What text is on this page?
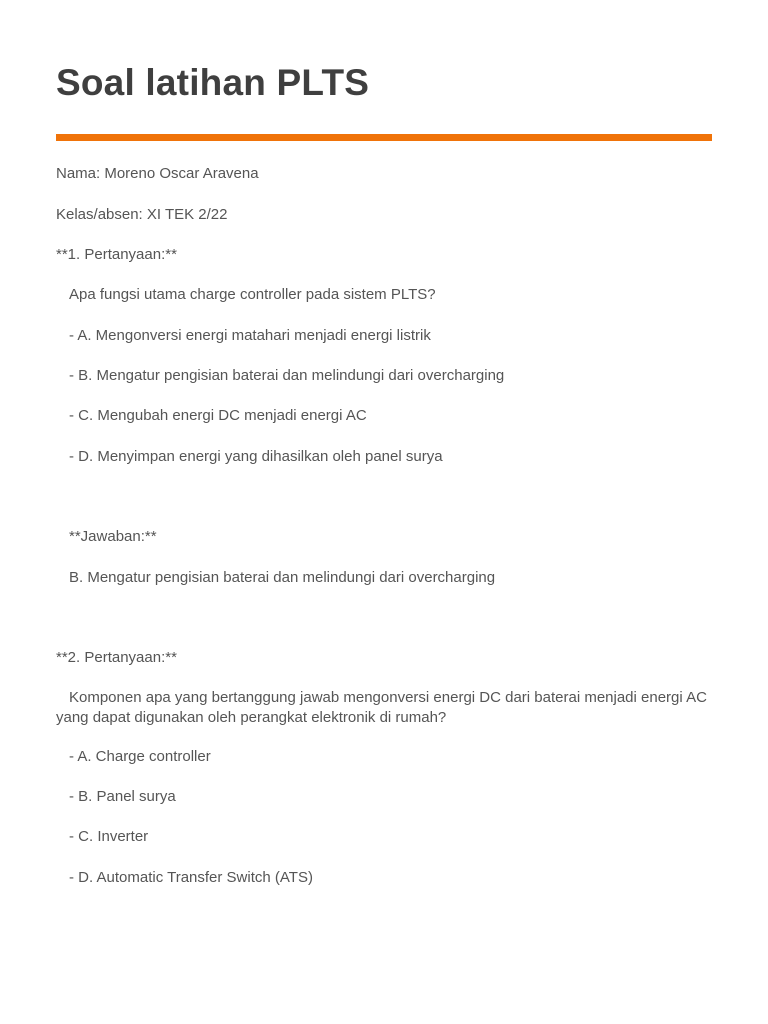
Soal latihan PLTS

Nama: Moreno Oscar Aravena

Kelas/absen: XI TEK 2/22

**1. Pertanyaan:**

Apa fungsi utama charge controller pada sistem PLTS?

- A. Mengonversi energi matahari menjadi energi listrik

- B. Mengatur pengisian baterai dan melindungi dari overcharging

- C. Mengubah energi DC menjadi energi AC

- D. Menyimpan energi yang dihasilkan oleh panel surya

**Jawaban:**

B. Mengatur pengisian baterai dan melindungi dari overcharging

**2. Pertanyaan:**

Komponen apa yang bertanggung jawab mengonversi energi DC dari baterai menjadi energi AC yang dapat digunakan oleh perangkat elektronik di rumah?

- A. Charge controller

- B. Panel surya

- C. Inverter

- D. Automatic Transfer Switch (ATS)
